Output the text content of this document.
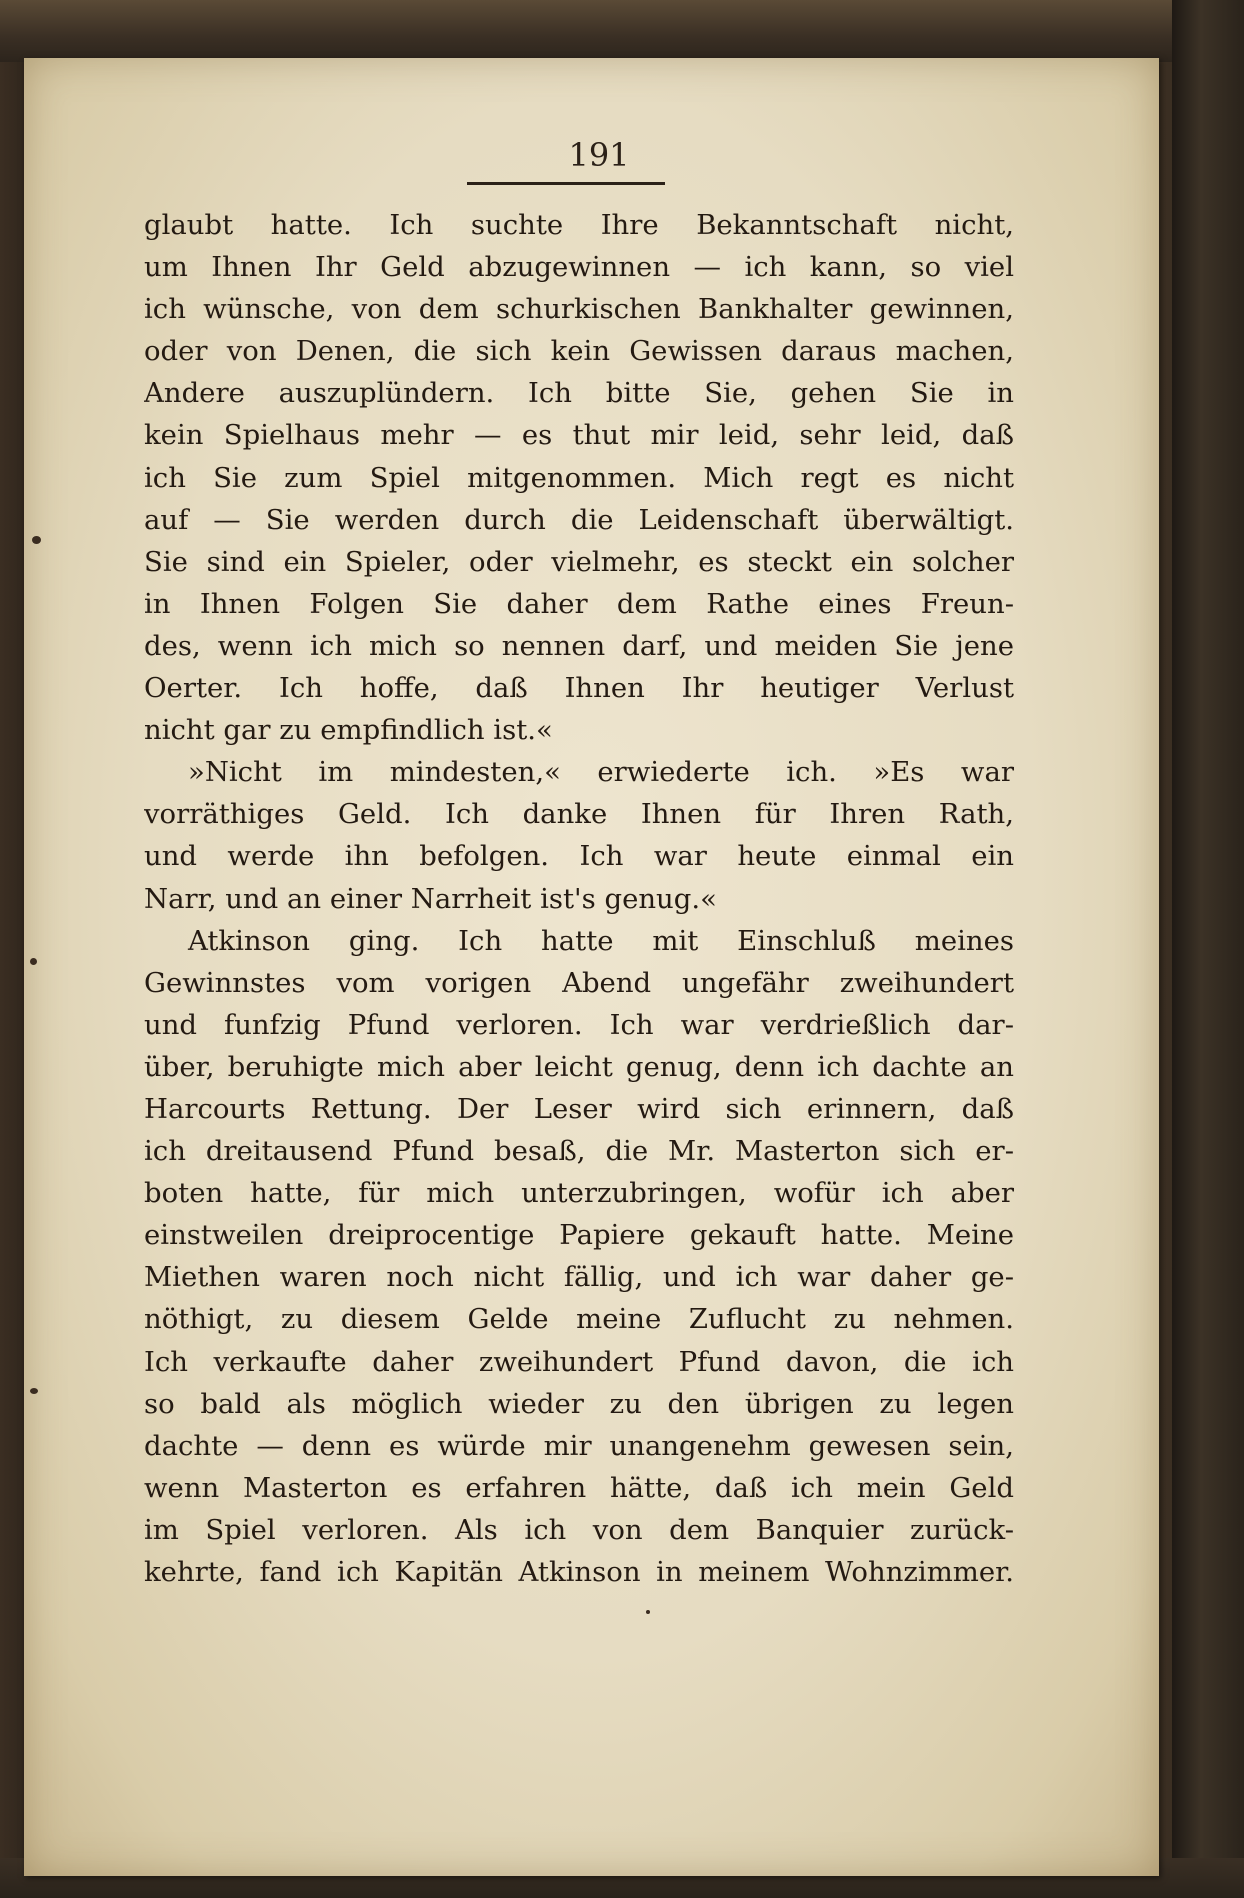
191
glaubt hatte. Ich suchte Ihre Bekanntschaft nicht,
um Ihnen Ihr Geld abzugewinnen — ich kann, so viel
ich wünsche, von dem schurkischen Bankhalter gewinnen,
oder von Denen, die sich kein Gewissen daraus machen,
Andere auszuplündern. Ich bitte Sie, gehen Sie in
kein Spielhaus mehr — es thut mir leid, sehr leid, daß
ich Sie zum Spiel mitgenommen. Mich regt es nicht
auf — Sie werden durch die Leidenschaft überwältigt.
Sie sind ein Spieler, oder vielmehr, es steckt ein solcher
in Ihnen Folgen Sie daher dem Rathe eines Freun-
des, wenn ich mich so nennen darf, und meiden Sie jene
Oerter. Ich hoffe, daß Ihnen Ihr heutiger Verlust
nicht gar zu empfindlich ist.«
»Nicht im mindesten,« erwiederte ich. »Es war
vorräthiges Geld. Ich danke Ihnen für Ihren Rath,
und werde ihn befolgen. Ich war heute einmal ein
Narr, und an einer Narrheit ist's genug.«
Atkinson ging. Ich hatte mit Einschluß meines
Gewinnstes vom vorigen Abend ungefähr zweihundert
und funfzig Pfund verloren. Ich war verdrießlich dar-
über, beruhigte mich aber leicht genug, denn ich dachte an
Harcourts Rettung. Der Leser wird sich erinnern, daß
ich dreitausend Pfund besaß, die Mr. Masterton sich er-
boten hatte, für mich unterzubringen, wofür ich aber
einstweilen dreiprocentige Papiere gekauft hatte. Meine
Miethen waren noch nicht fällig, und ich war daher ge-
nöthigt, zu diesem Gelde meine Zuflucht zu nehmen.
Ich verkaufte daher zweihundert Pfund davon, die ich
so bald als möglich wieder zu den übrigen zu legen
dachte — denn es würde mir unangenehm gewesen sein,
wenn Masterton es erfahren hätte, daß ich mein Geld
im Spiel verloren. Als ich von dem Banquier zurück-
kehrte, fand ich Kapitän Atkinson in meinem Wohnzimmer.
